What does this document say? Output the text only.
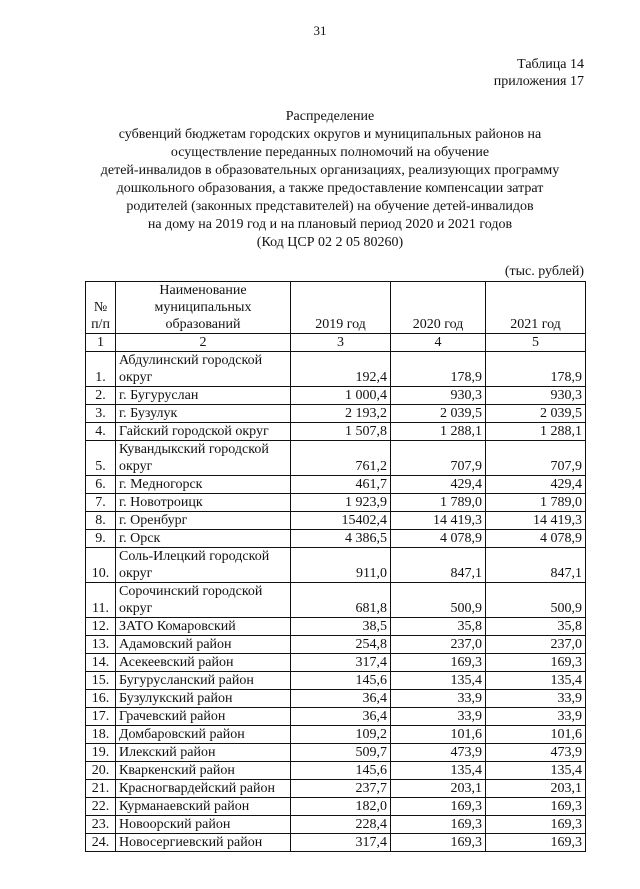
31
Таблица 14
приложения 17
Распределение
субвенций бюджетам городских округов и муниципальных районов на
осуществление переданных полномочий на обучение
детей-инвалидов в образовательных организациях, реализующих программу
дошкольного образования, а также предоставление компенсации затрат
родителей (законных представителей) на обучение детей-инвалидов
на дому на 2019 год и на плановый период 2020 и 2021 годов
(Код ЦСР 02 2 05 80260)
(тыс. рублей)
№ п/п	Наименование муниципальных образований	2019 год	2020 год	2021 год
1	2	3	4	5
1.	Абдулинский городской округ	192,4	178,9	178,9
2.	г. Бугуруслан	1 000,4	930,3	930,3
3.	г. Бузулук	2 193,2	2 039,5	2 039,5
4.	Гайский городской округ	1 507,8	1 288,1	1 288,1
5.	Кувандыкский городской округ	761,2	707,9	707,9
6.	г. Медногорск	461,7	429,4	429,4
7.	г. Новотроицк	1 923,9	1 789,0	1 789,0
8.	г. Оренбург	15402,4	14 419,3	14 419,3
9.	г. Орск	4 386,5	4 078,9	4 078,9
10.	Соль-Илецкий городской округ	911,0	847,1	847,1
11.	Сорочинский городской округ	681,8	500,9	500,9
12.	ЗАТО Комаровский	38,5	35,8	35,8
13.	Адамовский район	254,8	237,0	237,0
14.	Асекеевский район	317,4	169,3	169,3
15.	Бугурусланский район	145,6	135,4	135,4
16.	Бузулукский район	36,4	33,9	33,9
17.	Грачевский район	36,4	33,9	33,9
18.	Домбаровский район	109,2	101,6	101,6
19.	Илекский район	509,7	473,9	473,9
20.	Кваркенский район	145,6	135,4	135,4
21.	Красногвардейский район	237,7	203,1	203,1
22.	Курманаевский район	182,0	169,3	169,3
23.	Новоорский район	228,4	169,3	169,3
24.	Новосергиевский район	317,4	169,3	169,3
